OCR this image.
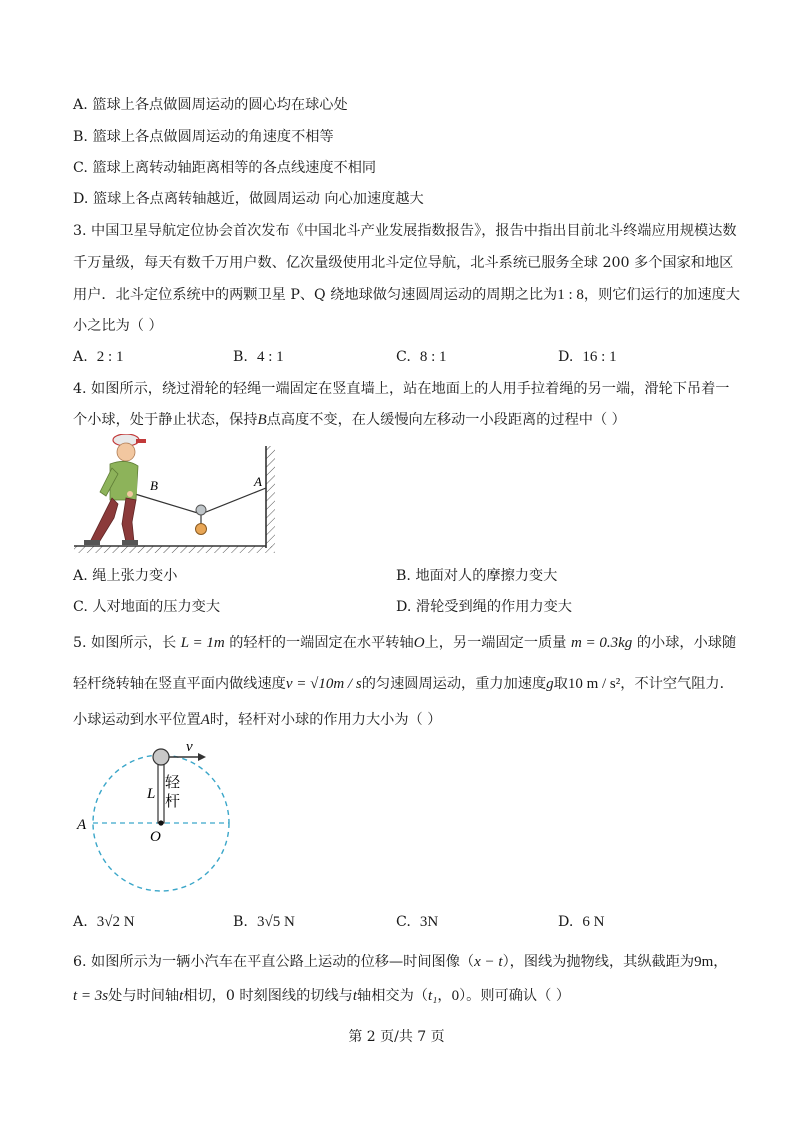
A. 篮球上各点做圆周运动的圆心均在球心处
B. 篮球上各点做圆周运动的角速度不相等
C. 篮球上离转动轴距离相等的各点线速度不相同
D. 篮球上各点离转轴越近，做圆周运动 向心加速度越大
3. 中国卫星导航定位协会首次发布《中国北斗产业发展指数报告》，报告中指出目前北斗终端应用规模达数
千万量级，每天有数千万用户数、亿次量级使用北斗定位导航，北斗系统已服务全球 200 多个国家和地区
用户．北斗定位系统中的两颗卫星 P、Q 绕地球做匀速圆周运动的周期之比为1 : 8，则它们运行的加速度大
小之比为（ ）
A. 2 : 1	B. 4 : 1	C. 8 : 1	D. 16 : 1
4. 如图所示，绕过滑轮的轻绳一端固定在竖直墙上，站在地面上的人用手拉着绳的另一端，滑轮下吊着一
个小球，处于静止状态，保持B点高度不变，在人缓慢向左移动一小段距离的过程中（ ）
B	A
A. 绳上张力变小	B. 地面对人的摩擦力变大
C. 人对地面的压力变大	D. 滑轮受到绳的作用力变大
5. 如图所示，长 L = 1m 的轻杆的一端固定在水平转轴O上，另一端固定一质量 m = 0.3kg 的小球，小球随
轻杆绕转轴在竖直平面内做线速度v = √10m / s的匀速圆周运动，重力加速度g取10 m / s²，不计空气阻力．
小球运动到水平位置A时，轻杆对小球的作用力大小为（ ）
v
轻
杆
L
A
O
A. 3√2 N	B. 3√5 N	C. 3N	D. 6 N
6. 如图所示为一辆小汽车在平直公路上运动的位移—时间图像（x − t），图线为抛物线，其纵截距为9m，
t = 3s处与时间轴t相切，0 时刻图线的切线与t轴相交为（t₁，0）。则可确认（ ）
第 2 页/共 7 页
